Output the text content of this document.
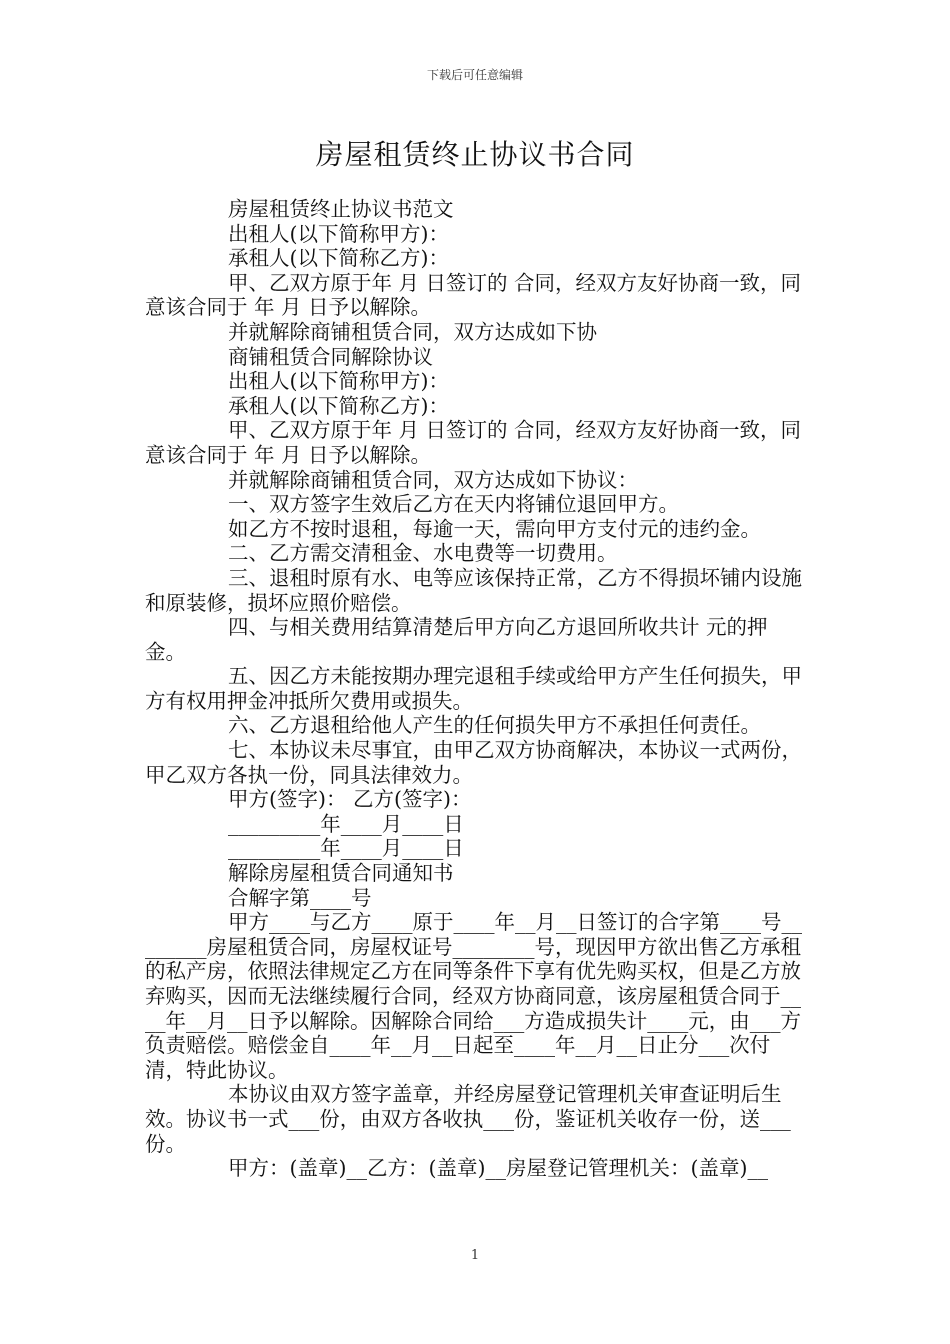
下载后可任意编辑
房屋租赁终止协议书合同

房屋租赁终止协议书范文

出租人(以下简称甲方)：

承租人(以下简称乙方)：

甲、乙双方原于年 月 日签订的 合同，经双方友好协商一致，同意该合同于 年 月 日予以解除。

并就解除商铺租赁合同，双方达成如下协

商铺租赁合同解除协议

出租人(以下简称甲方)：

承租人(以下简称乙方)：

甲、乙双方原于年 月 日签订的 合同，经双方友好协商一致，同意该合同于 年 月 日予以解除。

并就解除商铺租赁合同，双方达成如下协议：

一、双方签字生效后乙方在天内将铺位退回甲方。

如乙方不按时退租，每逾一天，需向甲方支付元的违约金。

二、乙方需交清租金、水电费等一切费用。

三、退租时原有水、电等应该保持正常，乙方不得损坏铺内设施和原装修，损坏应照价赔偿。

四、与相关费用结算清楚后甲方向乙方退回所收共计 元的押金。

五、因乙方未能按期办理完退租手续或给甲方产生任何损失，甲方有权用押金冲抵所欠费用或损失。

六、乙方退租给他人产生的任何损失甲方不承担任何责任。

七、本协议未尽事宜，由甲乙双方协商解决，本协议一式两份，甲乙双方各执一份，同具法律效力。

甲方(签字)： 乙方(签字)：

_________年____月____日

_________年____月____日

解除房屋租赁合同通知书

合解字第____号

甲方____与乙方____原于____年__月__日签订的合字第____号________房屋租赁合同，房屋权证号________号，现因甲方欲出售乙方承租的私产房，依照法律规定乙方在同等条件下享有优先购买权，但是乙方放弃购买，因而无法继续履行合同，经双方协商同意，该房屋租赁合同于____年__月__日予以解除。因解除合同给___方造成损失计____元，由___方负责赔偿。赔偿金自____年__月__日起至____年__月__日止分___次付清，特此协议。

本协议由双方签字盖章，并经房屋登记管理机关审查证明后生效。协议书一式___份，由双方各收执___份，鉴证机关收存一份，送___份。

甲方：(盖章)__乙方：(盖章)__房屋登记管理机关：(盖章)__

1
